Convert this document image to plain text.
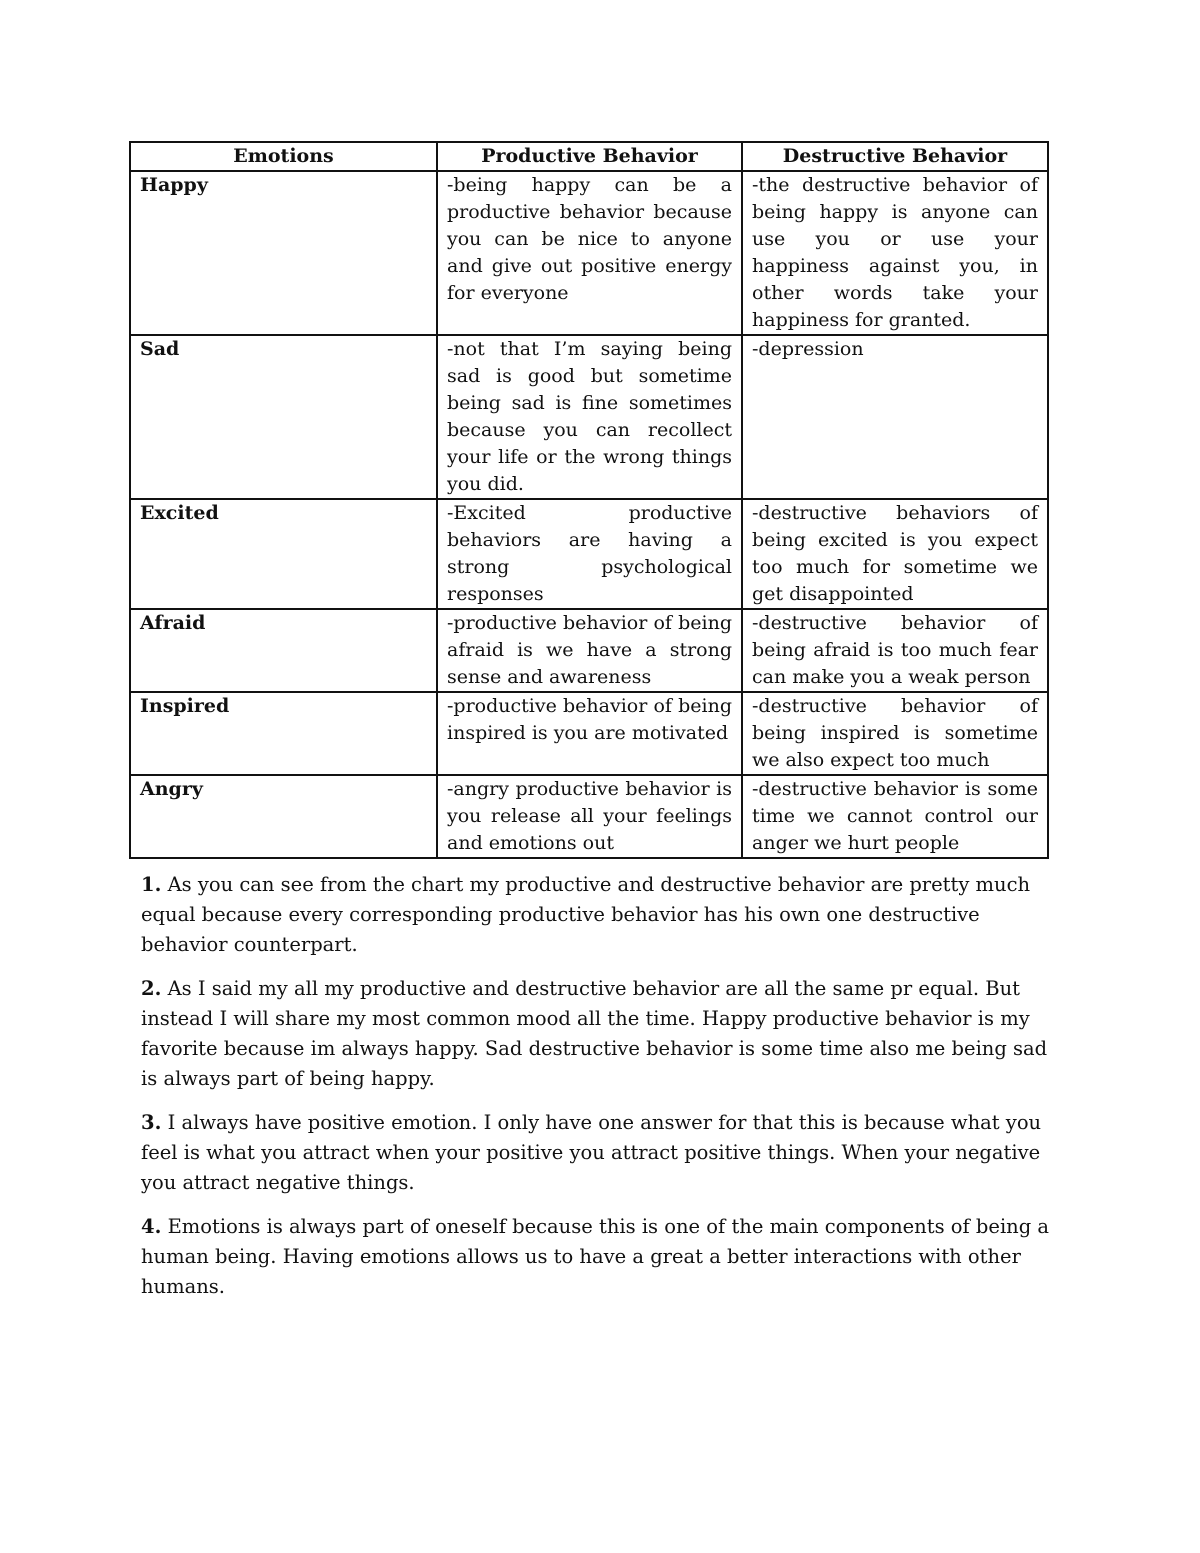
Emotions	Productive Behavior	Destructive Behavior
Happy	-being happy can be a productive behavior because you can be nice to anyone and give out positive energy for everyone	-the destructive behavior of being happy is anyone can use you or use your happiness against you, in other words take your happiness for granted.
Sad	-not that I’m saying being sad is good but sometime being sad is fine sometimes because you can recollect your life or the wrong things you did.	-depression
Excited	-Excited productive behaviors are having a strong psychological responses	-destructive behaviors of being excited is you expect too much for sometime we get disappointed
Afraid	-productive behavior of being afraid is we have a strong sense and awareness	-destructive behavior of being afraid is too much fear can make you a weak person
Inspired	-productive behavior of being inspired is you are motivated	-destructive behavior of being inspired is sometime we also expect too much
Angry	-angry productive behavior is you release all your feelings and emotions out	-destructive behavior is some time we cannot control our anger we hurt people

1. As you can see from the chart my productive and destructive behavior are pretty much equal because every corresponding productive behavior has his own one destructive behavior counterpart.

2. As I said my all my productive and destructive behavior are all the same pr equal. But instead I will share my most common mood all the time. Happy productive behavior is my favorite because im always happy. Sad destructive behavior is some time also me being sad is always part of being happy.

3. I always have positive emotion. I only have one answer for that this is because what you feel is what you attract when your positive you attract positive things. When your negative you attract negative things.

4. Emotions is always part of oneself because this is one of the main components of being a human being. Having emotions allows us to have a great a better interactions with other humans.
